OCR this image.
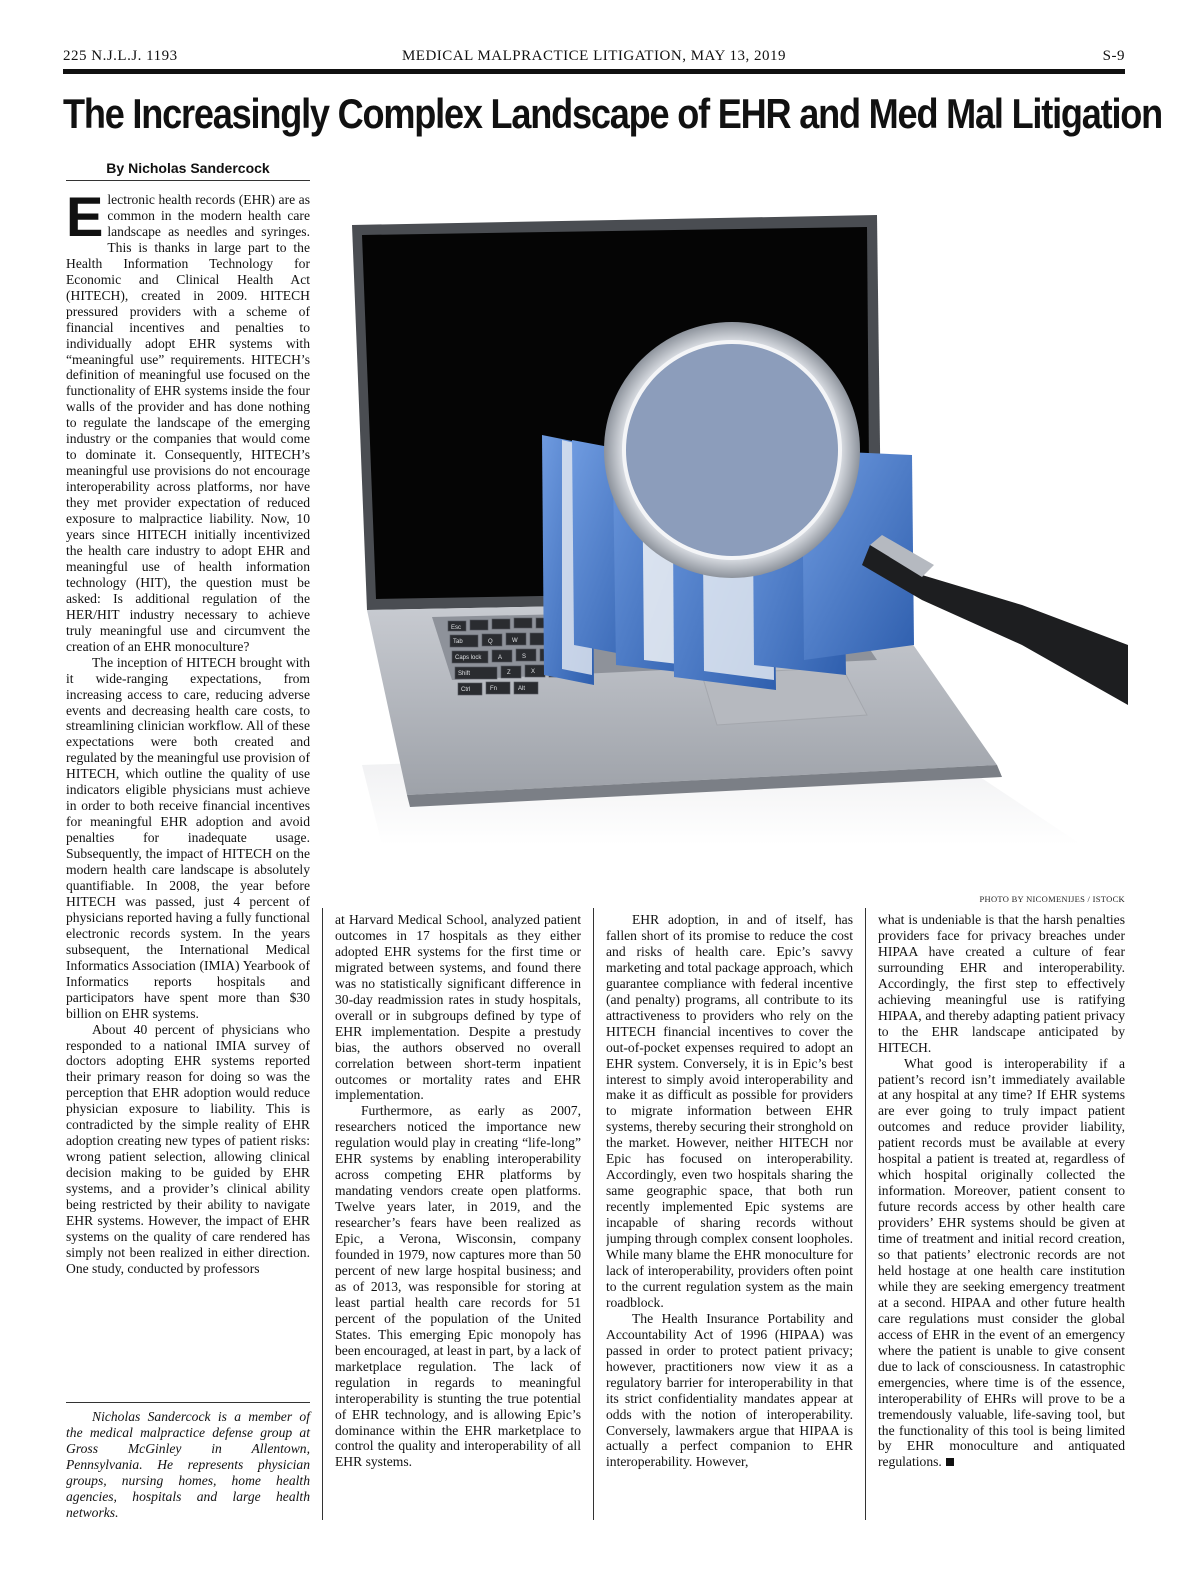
225 N.J.L.J. 1193	MEDICAL MALPRACTICE LITIGATION, MAY 13, 2019	S-9
The Increasingly Complex Landscape of EHR and Med Mal Litigation
By Nicholas Sandercock

Electronic health records (EHR) are as common in the modern health care landscape as needles and syringes. This is thanks in large part to the Health Information Technology for Economic and Clinical Health Act (HITECH), created in 2009. HITECH pressured providers with a scheme of financial incentives and penalties to individually adopt EHR systems with “meaningful use” requirements. HITECH’s definition of meaningful use focused on the functionality of EHR systems inside the four walls of the provider and has done nothing to regulate the landscape of the emerging industry or the companies that would come to dominate it. Consequently, HITECH’s meaningful use provisions do not encourage interoperability across platforms, nor have they met provider expectation of reduced exposure to malpractice liability. Now, 10 years since HITECH initially incentivized the health care industry to adopt EHR and meaningful use of health information technology (HIT), the question must be asked: Is additional regulation of the HER/HIT industry necessary to achieve truly meaningful use and circumvent the creation of an EHR monoculture?

The inception of HITECH brought with it wide-ranging expectations, from increasing access to care, reducing adverse events and decreasing health care costs, to streamlining clinician workflow. All of these expectations were both created and regulated by the meaningful use provision of HITECH, which outline the quality of use indicators eligible physicians must achieve in order to both receive financial incentives for meaningful EHR adoption and avoid penalties for inadequate usage. Subsequently, the impact of HITECH on the modern health care landscape is absolutely quantifiable. In 2008, the year before HITECH was passed, just 4 percent of physicians reported having a fully functional electronic records system. In the years subsequent, the International Medical Informatics Association (IMIA) Yearbook of Informatics reports hospitals and participators have spent more than $30 billion on EHR systems.

About 40 percent of physicians who responded to a national IMIA survey of doctors adopting EHR systems reported their primary reason for doing so was the perception that EHR adoption would reduce physician exposure to liability. This is contradicted by the simple reality of EHR adoption creating new types of patient risks: wrong patient selection, allowing clinical decision making to be guided by EHR systems, and a provider’s clinical ability being restricted by their ability to navigate EHR systems. However, the impact of EHR systems on the quality of care rendered has simply not been realized in either direction. One study, conducted by professors

Nicholas Sandercock is a member of the medical malpractice defense group at Gross McGinley in Allentown, Pennsylvania. He represents physician groups, nursing homes, home health agencies, hospitals and large health networks.
Esc
Tab
Caps lock
Shift
Ctrl	Fn	Alt
Q	W
A	S
Z	X
PHOTO BY NICOMENIJES / ISTOCK

at Harvard Medical School, analyzed patient outcomes in 17 hospitals as they either adopted EHR systems for the first time or migrated between systems, and found there was no statistically significant difference in 30-day readmission rates in study hospitals, overall or in subgroups defined by type of EHR implementation. Despite a prestudy bias, the authors observed no overall correlation between short-term inpatient outcomes or mortality rates and EHR implementation.

Furthermore, as early as 2007, researchers noticed the importance new regulation would play in creating “life-long” EHR systems by enabling interoperability across competing EHR platforms by mandating vendors create open platforms. Twelve years later, in 2019, and the researcher’s fears have been realized as Epic, a Verona, Wisconsin, company founded in 1979, now captures more than 50 percent of new large hospital business; and as of 2013, was responsible for storing at least partial health care records for 51 percent of the population of the United States. This emerging Epic monopoly has been encouraged, at least in part, by a lack of marketplace regulation. The lack of regulation in regards to meaningful interoperability is stunting the true potential of EHR technology, and is allowing Epic’s dominance within the EHR marketplace to control the quality and interoperability of all EHR systems.

EHR adoption, in and of itself, has fallen short of its promise to reduce the cost and risks of health care. Epic’s savvy marketing and total package approach, which guarantee compliance with federal incentive (and penalty) programs, all contribute to its attractiveness to providers who rely on the HITECH financial incentives to cover the out-of-pocket expenses required to adopt an EHR system. Conversely, it is in Epic’s best interest to simply avoid interoperability and make it as difficult as possible for providers to migrate information between EHR systems, thereby securing their stronghold on the market. However, neither HITECH nor Epic has focused on interoperability. Accordingly, even two hospitals sharing the same geographic space, that both run recently implemented Epic systems are incapable of sharing records without jumping through complex consent loopholes. While many blame the EHR monoculture for lack of interoperability, providers often point to the current regulation system as the main roadblock.

The Health Insurance Portability and Accountability Act of 1996 (HIPAA) was passed in order to protect patient privacy; however, practitioners now view it as a regulatory barrier for interoperability in that its strict confidentiality mandates appear at odds with the notion of interoperability. Conversely, lawmakers argue that HIPAA is actually a perfect companion to EHR interoperability. However,

what is undeniable is that the harsh penalties providers face for privacy breaches under HIPAA have created a culture of fear surrounding EHR and interoperability. Accordingly, the first step to effectively achieving meaningful use is ratifying HIPAA, and thereby adapting patient privacy to the EHR landscape anticipated by HITECH.

What good is interoperability if a patient’s record isn’t immediately available at any hospital at any time? If EHR systems are ever going to truly impact patient outcomes and reduce provider liability, patient records must be available at every hospital a patient is treated at, regardless of which hospital originally collected the information. Moreover, patient consent to future records access by other health care providers’ EHR systems should be given at time of treatment and initial record creation, so that patients’ electronic records are not held hostage at one health care institution while they are seeking emergency treatment at a second. HIPAA and other future health care regulations must consider the global access of EHR in the event of an emergency where the patient is unable to give consent due to lack of consciousness. In catastrophic emergencies, where time is of the essence, interoperability of EHRs will prove to be a tremendously valuable, life-saving tool, but the functionality of this tool is being limited by EHR monoculture and antiquated regulations.
